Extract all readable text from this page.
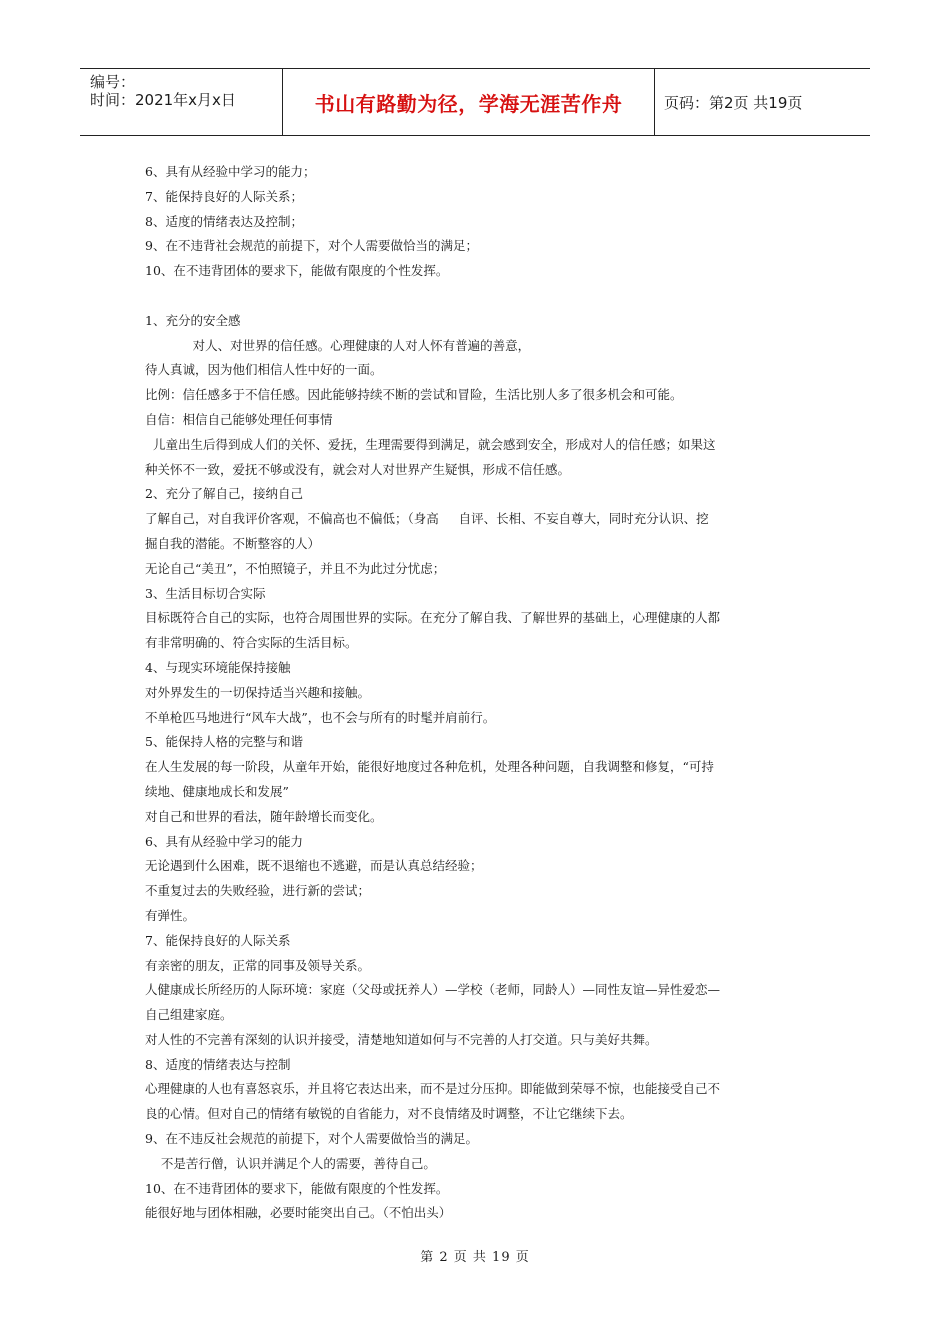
编号：
时间：2021年x月x日	书山有路勤为径，学海无涯苦作舟	页码：第2页 共19页
6、具有从经验中学习的能力；
7、能保持良好的人际关系；
8、适度的情绪表达及控制；
9、在不违背社会规范的前提下，对个人需要做恰当的满足；
10、在不违背团体的要求下，能做有限度的个性发挥。
1、充分的安全感
对人、对世界的信任感。心理健康的人对人怀有普遍的善意，
待人真诚，因为他们相信人性中好的一面。
比例：信任感多于不信任感。因此能够持续不断的尝试和冒险，生活比别人多了很多机会和可能。
自信：相信自己能够处理任何事情
儿童出生后得到成人们的关怀、爱抚，生理需要得到满足，就会感到安全，形成对人的信任感；如果这
种关怀不一致，爱抚不够或没有，就会对人对世界产生疑惧，形成不信任感。
2、充分了解自己，接纳自己
了解自己，对自我评价客观，不偏高也不偏低；（身高     自评、长相、不妄自尊大，同时充分认识、挖
掘自我的潜能。不断整容的人）
无论自己“美丑”，不怕照镜子，并且不为此过分忧虑；
3、生活目标切合实际
目标既符合自己的实际，也符合周围世界的实际。在充分了解自我、了解世界的基础上，心理健康的人都
有非常明确的、符合实际的生活目标。
4、与现实环境能保持接触
对外界发生的一切保持适当兴趣和接触。
不单枪匹马地进行“风车大战”，也不会与所有的时髦并肩前行。
5、能保持人格的完整与和谐
在人生发展的每一阶段，从童年开始，能很好地度过各种危机，处理各种问题，自我调整和修复，“可持
续地、健康地成长和发展”
对自己和世界的看法，随年龄增长而变化。
6、具有从经验中学习的能力
无论遇到什么困难，既不退缩也不逃避，而是认真总结经验；
不重复过去的失败经验，进行新的尝试；
有弹性。
7、能保持良好的人际关系
有亲密的朋友，正常的同事及领导关系。
人健康成长所经历的人际环境：家庭（父母或抚养人）—学校（老师，同龄人）—同性友谊—异性爱恋—
自己组建家庭。
对人性的不完善有深刻的认识并接受，清楚地知道如何与不完善的人打交道。只与美好共舞。
8、适度的情绪表达与控制
心理健康的人也有喜怒哀乐，并且将它表达出来，而不是过分压抑。即能做到荣辱不惊，也能接受自己不
良的心情。但对自己的情绪有敏锐的自省能力，对不良情绪及时调整，不让它继续下去。
9、在不违反社会规范的前提下，对个人需要做恰当的满足。
不是苦行僧，认识并满足个人的需要，善待自己。
10、在不违背团体的要求下，能做有限度的个性发挥。
能很好地与团体相融，必要时能突出自己。（不怕出头）
第 2 页 共 19 页
